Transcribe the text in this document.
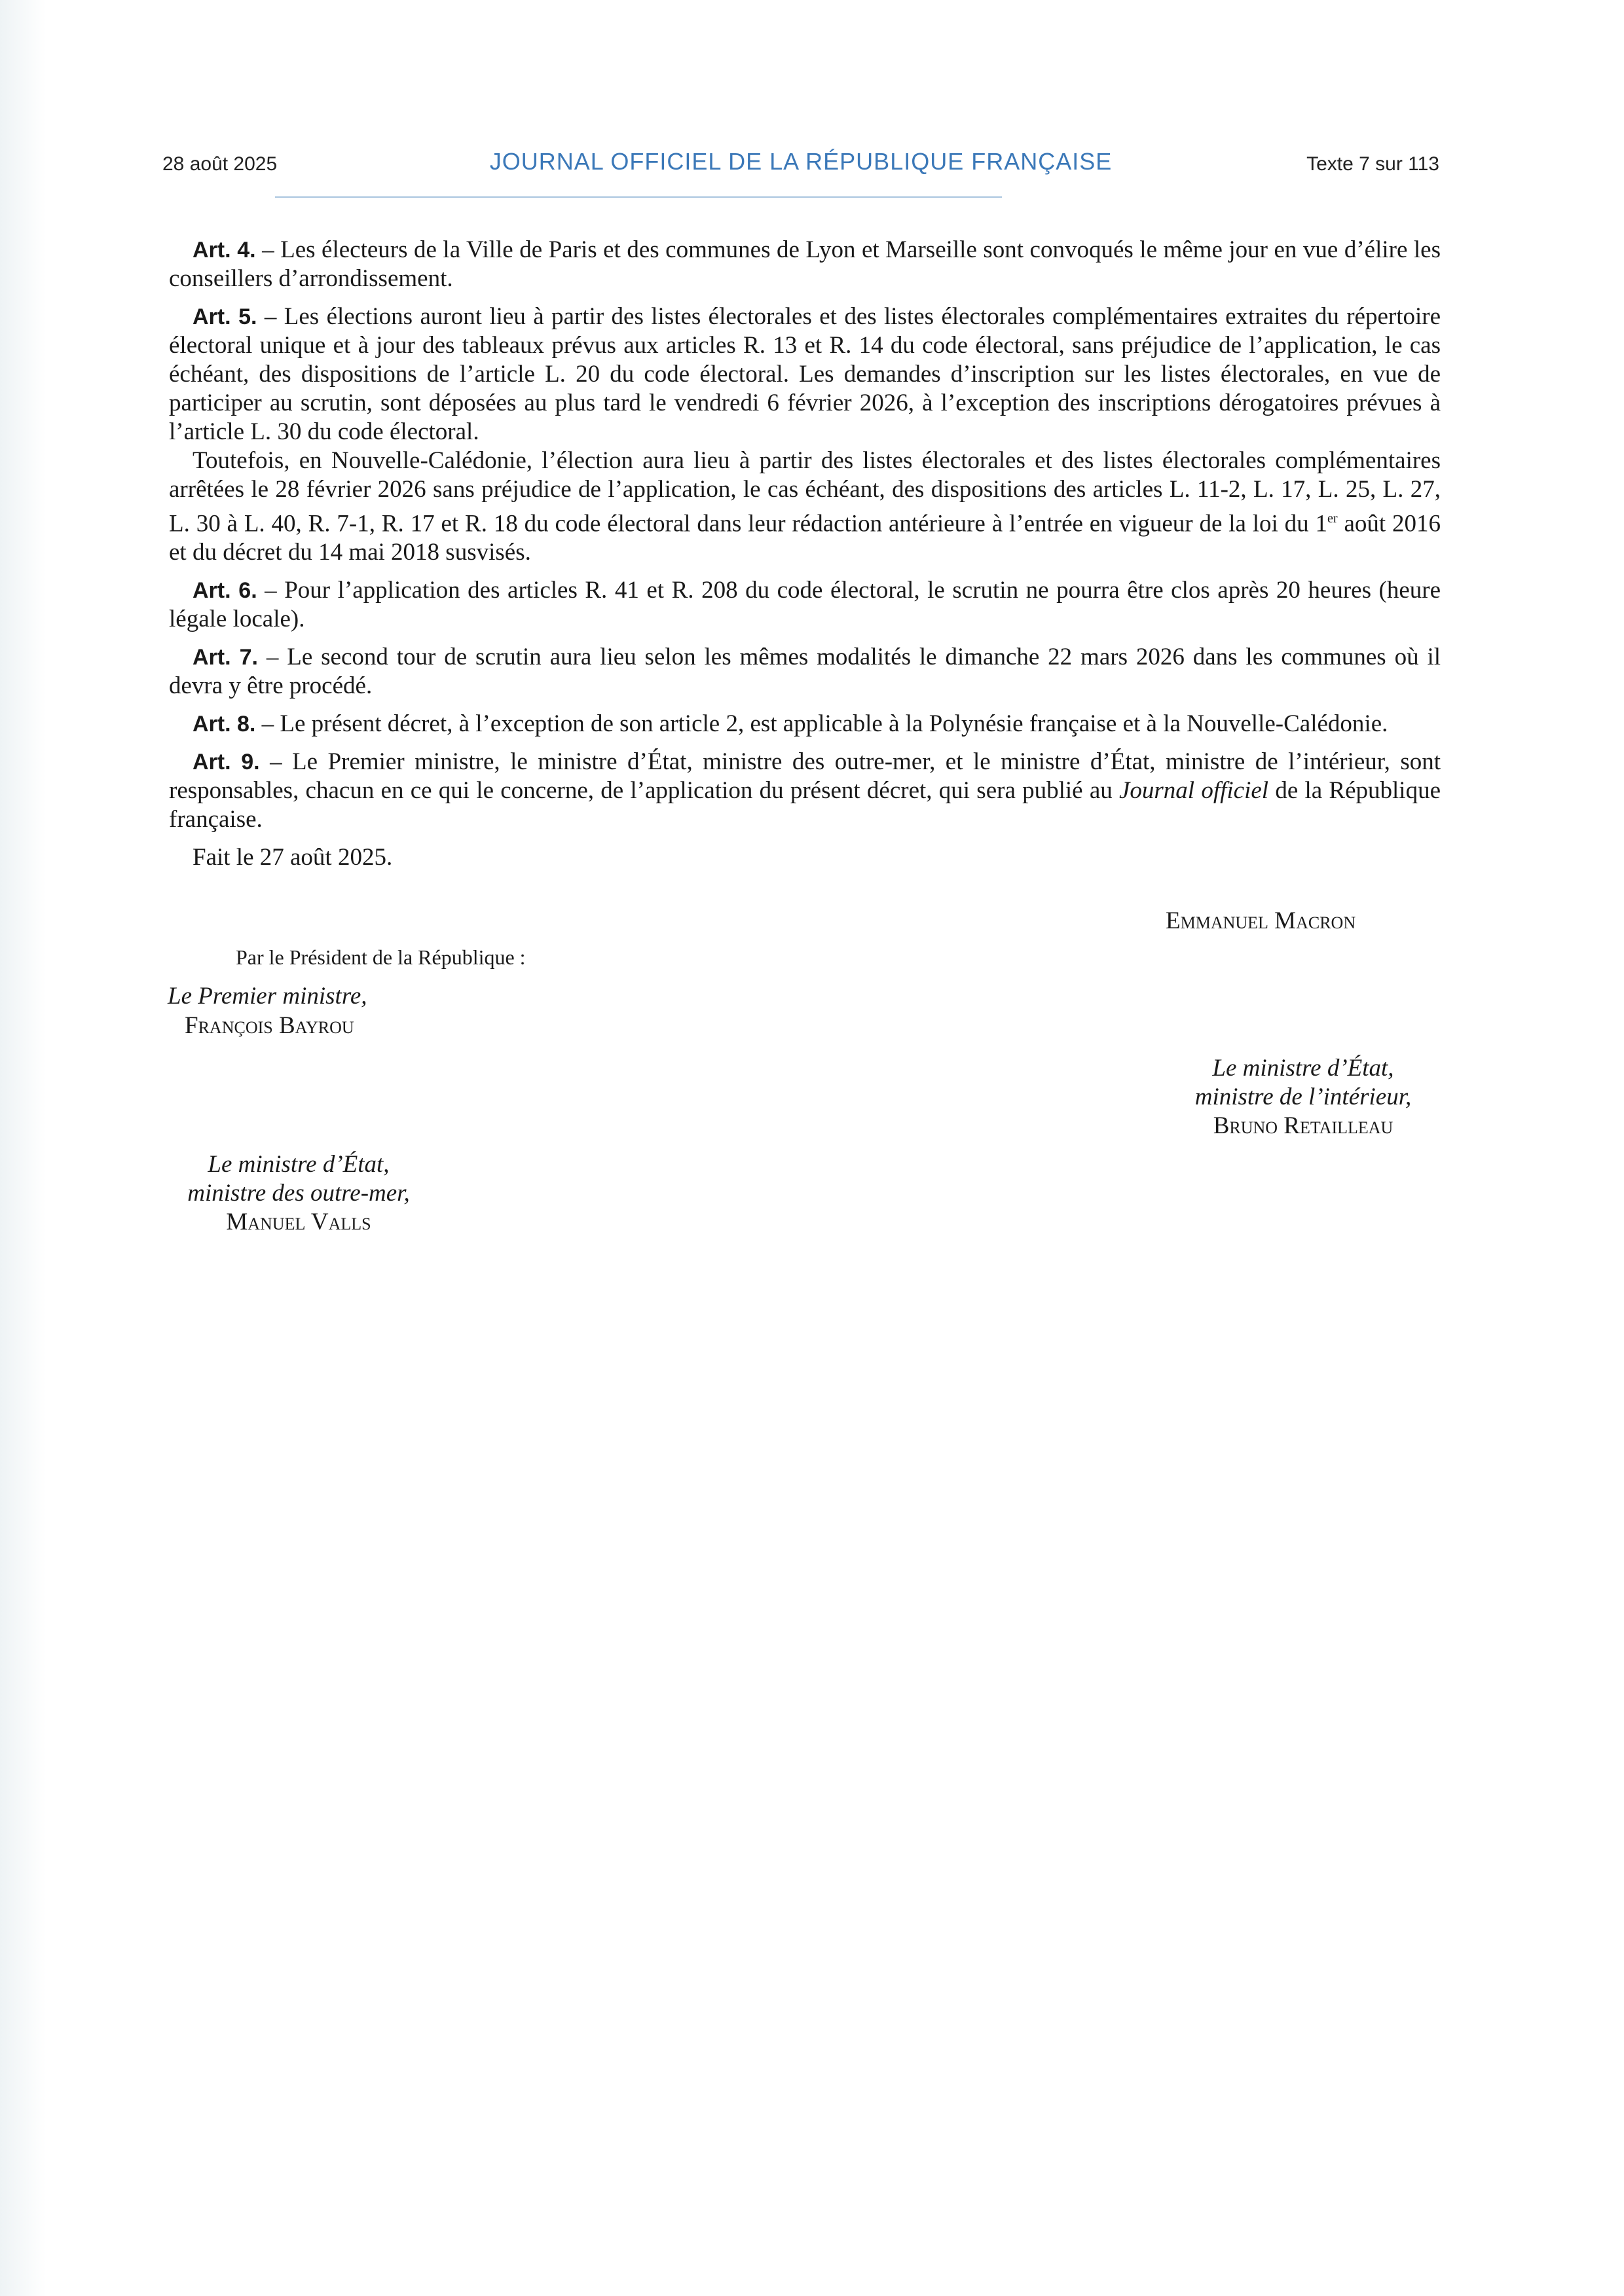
28 août 2025	JOURNAL OFFICIEL DE LA RÉPUBLIQUE FRANÇAISE	Texte 7 sur 113

Art. 4. – Les électeurs de la Ville de Paris et des communes de Lyon et Marseille sont convoqués le même jour en vue d’élire les conseillers d’arrondissement.

Art. 5. – Les élections auront lieu à partir des listes électorales et des listes électorales complémentaires extraites du répertoire électoral unique et à jour des tableaux prévus aux articles R. 13 et R. 14 du code électoral, sans préjudice de l’application, le cas échéant, des dispositions de l’article L. 20 du code électoral. Les demandes d’inscription sur les listes électorales, en vue de participer au scrutin, sont déposées au plus tard le vendredi 6 février 2026, à l’exception des inscriptions dérogatoires prévues à l’article L. 30 du code électoral.

Toutefois, en Nouvelle-Calédonie, l’élection aura lieu à partir des listes électorales et des listes électorales complémentaires arrêtées le 28 février 2026 sans préjudice de l’application, le cas échéant, des dispositions des articles L. 11-2, L. 17, L. 25, L. 27, L. 30 à L. 40, R. 7-1, R. 17 et R. 18 du code électoral dans leur rédaction antérieure à l’entrée en vigueur de la loi du 1er août 2016 et du décret du 14 mai 2018 susvisés.

Art. 6. – Pour l’application des articles R. 41 et R. 208 du code électoral, le scrutin ne pourra être clos après 20 heures (heure légale locale).

Art. 7. – Le second tour de scrutin aura lieu selon les mêmes modalités le dimanche 22 mars 2026 dans les communes où il devra y être procédé.

Art. 8. – Le présent décret, à l’exception de son article 2, est applicable à la Polynésie française et à la Nouvelle-Calédonie.

Art. 9. – Le Premier ministre, le ministre d’État, ministre des outre-mer, et le ministre d’État, ministre de l’intérieur, sont responsables, chacun en ce qui le concerne, de l’application du présent décret, qui sera publié au Journal officiel de la République française.

Fait le 27 août 2025.

Emmanuel Macron
Par le Président de la République :
Le Premier ministre,
François Bayrou
Le ministre d’État,
ministre de l’intérieur,
Bruno Retailleau
Le ministre d’État,
ministre des outre-mer,
Manuel Valls
